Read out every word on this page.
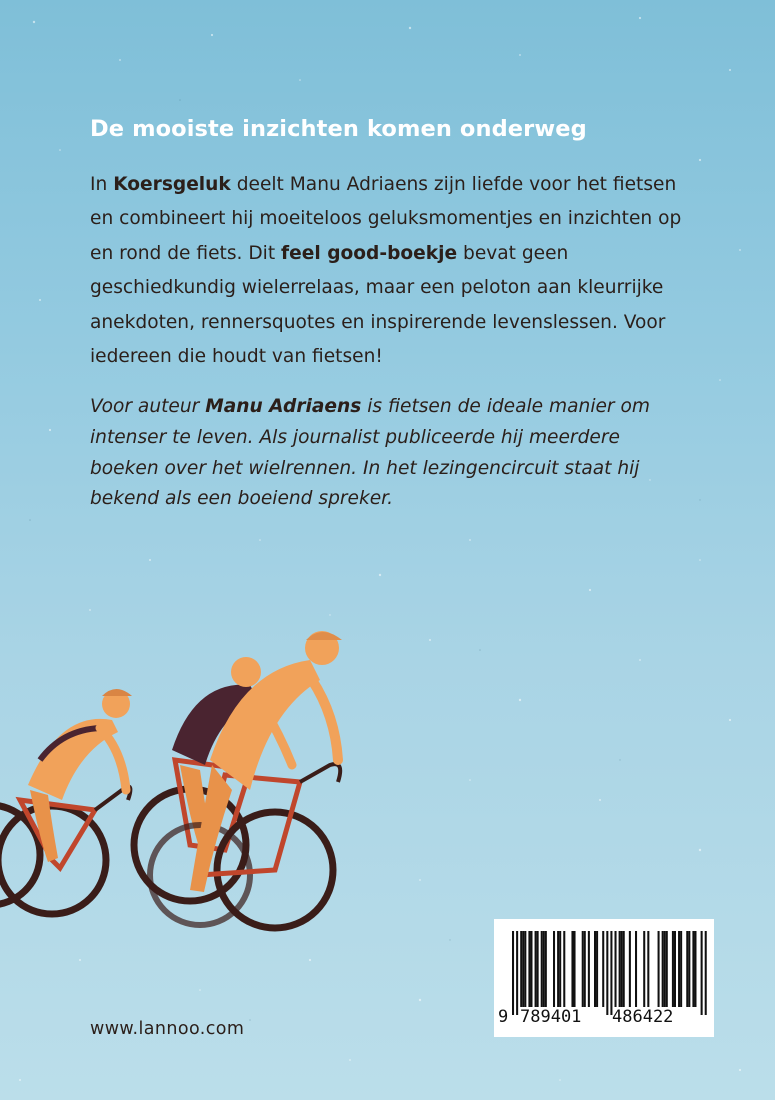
De mooiste inzichten komen onderweg

In Koersgeluk deelt Manu Adriaens zijn liefde voor het fietsen en combineert hij moeiteloos geluksmomentjes en inzichten op en rond de fiets. Dit feel good-boekje bevat geen geschiedkundig wielerrelaas, maar een peloton aan kleurrijke anekdoten, rennersquotes en inspirerende levenslessen. Voor iedereen die houdt van fietsen!

Voor auteur Manu Adriaens is fietsen de ideale manier om intenser te leven. Als journalist publiceerde hij meerdere boeken over het wielrennen. In het lezingencircuit staat hij bekend als een boeiend spreker.

9 789401 486422

www.lannoo.com
